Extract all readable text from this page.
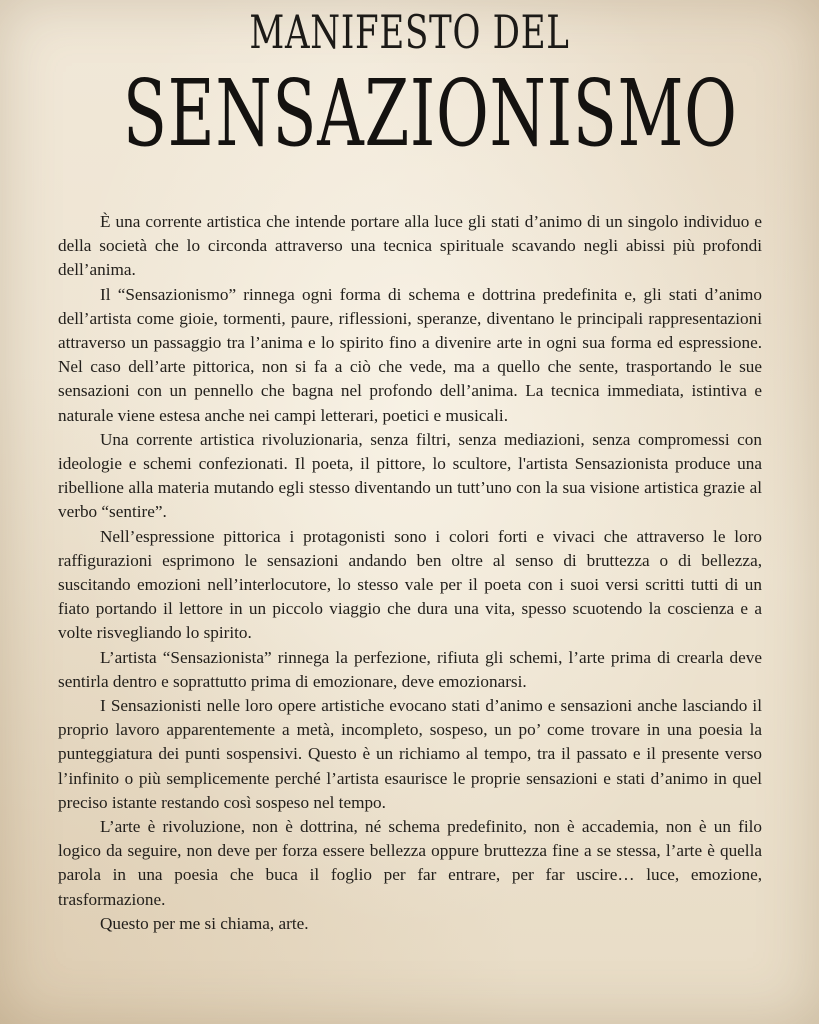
MANIFESTO DEL
SENSAZIONISMO

È una corrente artistica che intende portare alla luce gli stati d’animo di un singolo individuo e della società che lo circonda attraverso una tecnica spirituale scavando negli abissi più profondi dell’anima.

Il “Sensazionismo” rinnega ogni forma di schema e dottrina predefinita e, gli stati d’animo dell’artista come gioie, tormenti, paure, riflessioni, speranze, diventano le principali rappresentazioni attraverso un passaggio tra l’anima e lo spirito fino a divenire arte in ogni sua forma ed espressione. Nel caso dell’arte pittorica, non si fa a ciò che vede, ma a quello che sente, trasportando le sue sensazioni con un pennello che bagna nel profondo dell’anima. La tecnica immediata, istintiva e naturale viene estesa anche nei campi letterari, poetici e musicali.

Una corrente artistica rivoluzionaria, senza filtri, senza mediazioni, senza compromessi con ideologie e schemi confezionati. Il poeta, il pittore, lo scultore, l'artista Sensazionista produce una ribellione alla materia mutando egli stesso diventando un tutt’uno con la sua visione artistica grazie al verbo “sentire”.

Nell’espressione pittorica i protagonisti sono i colori forti e vivaci che attraverso le loro raffigurazioni esprimono le sensazioni andando ben oltre al senso di bruttezza o di bellezza, suscitando emozioni nell’interlocutore, lo stesso vale per il poeta con i suoi versi scritti tutti di un fiato portando il lettore in un piccolo viaggio che dura una vita, spesso scuotendo la coscienza e a volte risvegliando lo spirito.

L’artista “Sensazionista” rinnega la perfezione, rifiuta gli schemi, l’arte prima di crearla deve sentirla dentro e soprattutto prima di emozionare, deve emozionarsi.

I Sensazionisti nelle loro opere artistiche evocano stati d’animo e sensazioni anche lasciando il proprio lavoro apparentemente a metà, incompleto, sospeso, un po’ come trovare in una poesia la punteggiatura dei punti sospensivi. Questo è un richiamo al tempo, tra il passato e il presente verso l’infinito o più semplicemente perché l’artista esaurisce le proprie sensazioni e stati d’animo in quel preciso istante restando così sospeso nel tempo.

L’arte è rivoluzione, non è dottrina, né schema predefinito, non è accademia, non è un filo logico da seguire, non deve per forza essere bellezza oppure bruttezza fine a se stessa, l’arte è quella parola in una poesia che buca il foglio per far entrare, per far uscire… luce, emozione, trasformazione.

Questo per me si chiama, arte.
